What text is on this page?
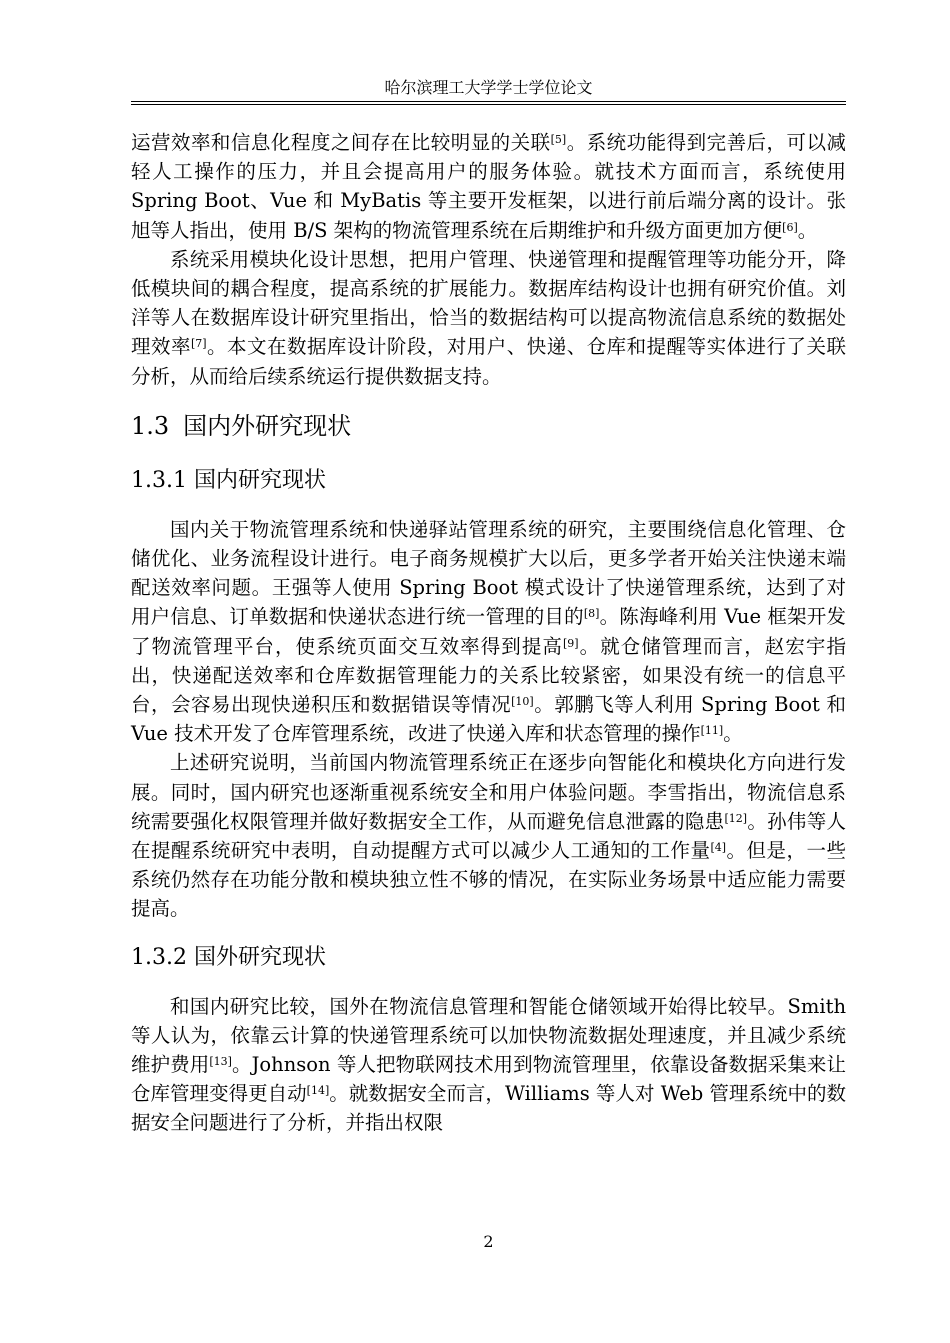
哈尔滨理工大学学士学位论文

运营效率和信息化程度之间存在比较明显的关联[5]。系统功能得到完善后，可以减轻人工操作的压力，并且会提高用户的服务体验。就技术方面而言，系统使用 Spring Boot、Vue 和 MyBatis 等主要开发框架，以进行前后端分离的设计。张旭等人指出，使用 B/S 架构的物流管理系统在后期维护和升级方面更加方便[6]。

系统采用模块化设计思想，把用户管理、快递管理和提醒管理等功能分开，降低模块间的耦合程度，提高系统的扩展能力。数据库结构设计也拥有研究价值。刘洋等人在数据库设计研究里指出，恰当的数据结构可以提高物流信息系统的数据处理效率[7]。本文在数据库设计阶段，对用户、快递、仓库和提醒等实体进行了关联分析，从而给后续系统运行提供数据支持。

1.3 国内外研究现状
1.3.1 国内研究现状

国内关于物流管理系统和快递驿站管理系统的研究，主要围绕信息化管理、仓储优化、业务流程设计进行。电子商务规模扩大以后，更多学者开始关注快递末端配送效率问题。王强等人使用 Spring Boot 模式设计了快递管理系统，达到了对用户信息、订单数据和快递状态进行统一管理的目的[8]。陈海峰利用 Vue 框架开发了物流管理平台，使系统页面交互效率得到提高[9]。就仓储管理而言，赵宏宇指出，快递配送效率和仓库数据管理能力的关系比较紧密，如果没有统一的信息平台，会容易出现快递积压和数据错误等情况[10]。郭鹏飞等人利用 Spring Boot 和 Vue 技术开发了仓库管理系统，改进了快递入库和状态管理的操作[11]。

上述研究说明，当前国内物流管理系统正在逐步向智能化和模块化方向进行发展。同时，国内研究也逐渐重视系统安全和用户体验问题。李雪指出，物流信息系统需要强化权限管理并做好数据安全工作，从而避免信息泄露的隐患[12]。孙伟等人在提醒系统研究中表明，自动提醒方式可以减少人工通知的工作量[4]。但是，一些系统仍然存在功能分散和模块独立性不够的情况，在实际业务场景中适应能力需要提高。

1.3.2 国外研究现状

和国内研究比较，国外在物流信息管理和智能仓储领域开始得比较早。Smith 等人认为，依靠云计算的快递管理系统可以加快物流数据处理速度，并且减少系统维护费用[13]。Johnson 等人把物联网技术用到物流管理里，依靠设备数据采集来让仓库管理变得更自动[14]。就数据安全而言，Williams 等人对 Web 管理系统中的数据安全问题进行了分析，并指出权限

2
